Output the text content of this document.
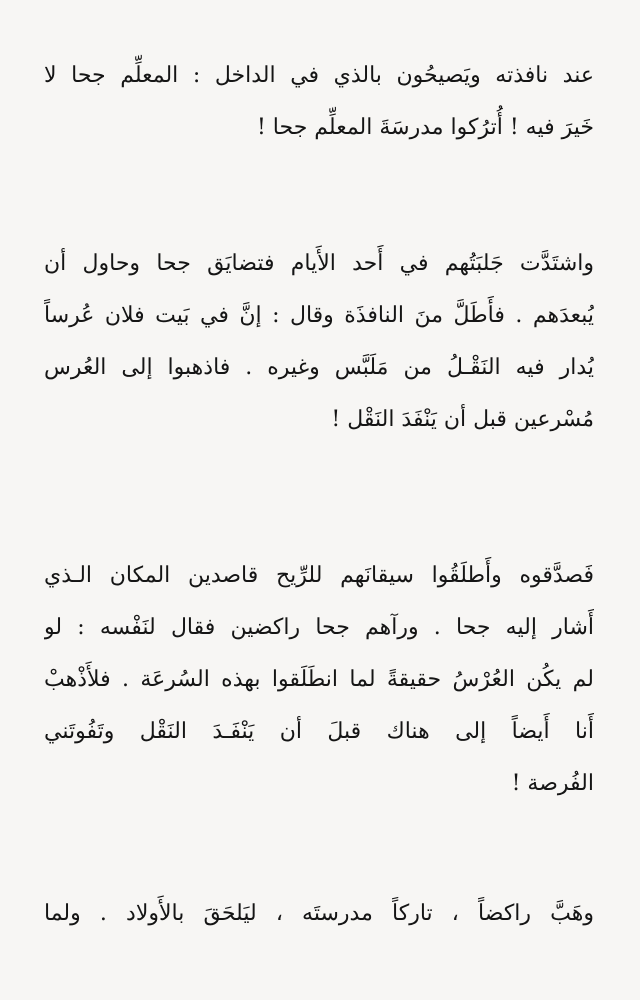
عند نافذته ويَصيحُون بالذي في الداخل : المعلِّم جحا لا
خَيرَ فيه ! أُترُكوا مدرسَةَ المعلِّم جحا !
واشتَدَّت جَلبَتُهم في أَحد الأَيام فتضايَق جحا وحاول أن
يُبعدَهم . فأَطَلَّ منَ النافذَة وقال : إنَّ في بَيت فلان عُرساً
يُدار فيه النَقْـلُ من مَلَبَّس وغيره . فاذهبوا إلى العُرس
مُسْرعين قبل أن يَنْفَدَ النَقْل !
فَصدَّقوه وأَطلَقُوا سيقانَهم للرِّيح قاصدين المكان الـذي
أَشار إليه جحا . ورآهم جحا راكضين فقال لنَفْسه : لو
لم يكُن العُرْسُ حقيقةً لما انطَلَقوا بهذه السُرعَة . فلأَذْهبْ
أَنا أَيضاً إلى هناك قبلَ أن يَنْفَـدَ النَقْل وتَفُوتَني
الفُرصة !
وهَبَّ راكضاً ، تاركاً مدرستَه ، ليَلحَقَ بالأَولاد . ولما
